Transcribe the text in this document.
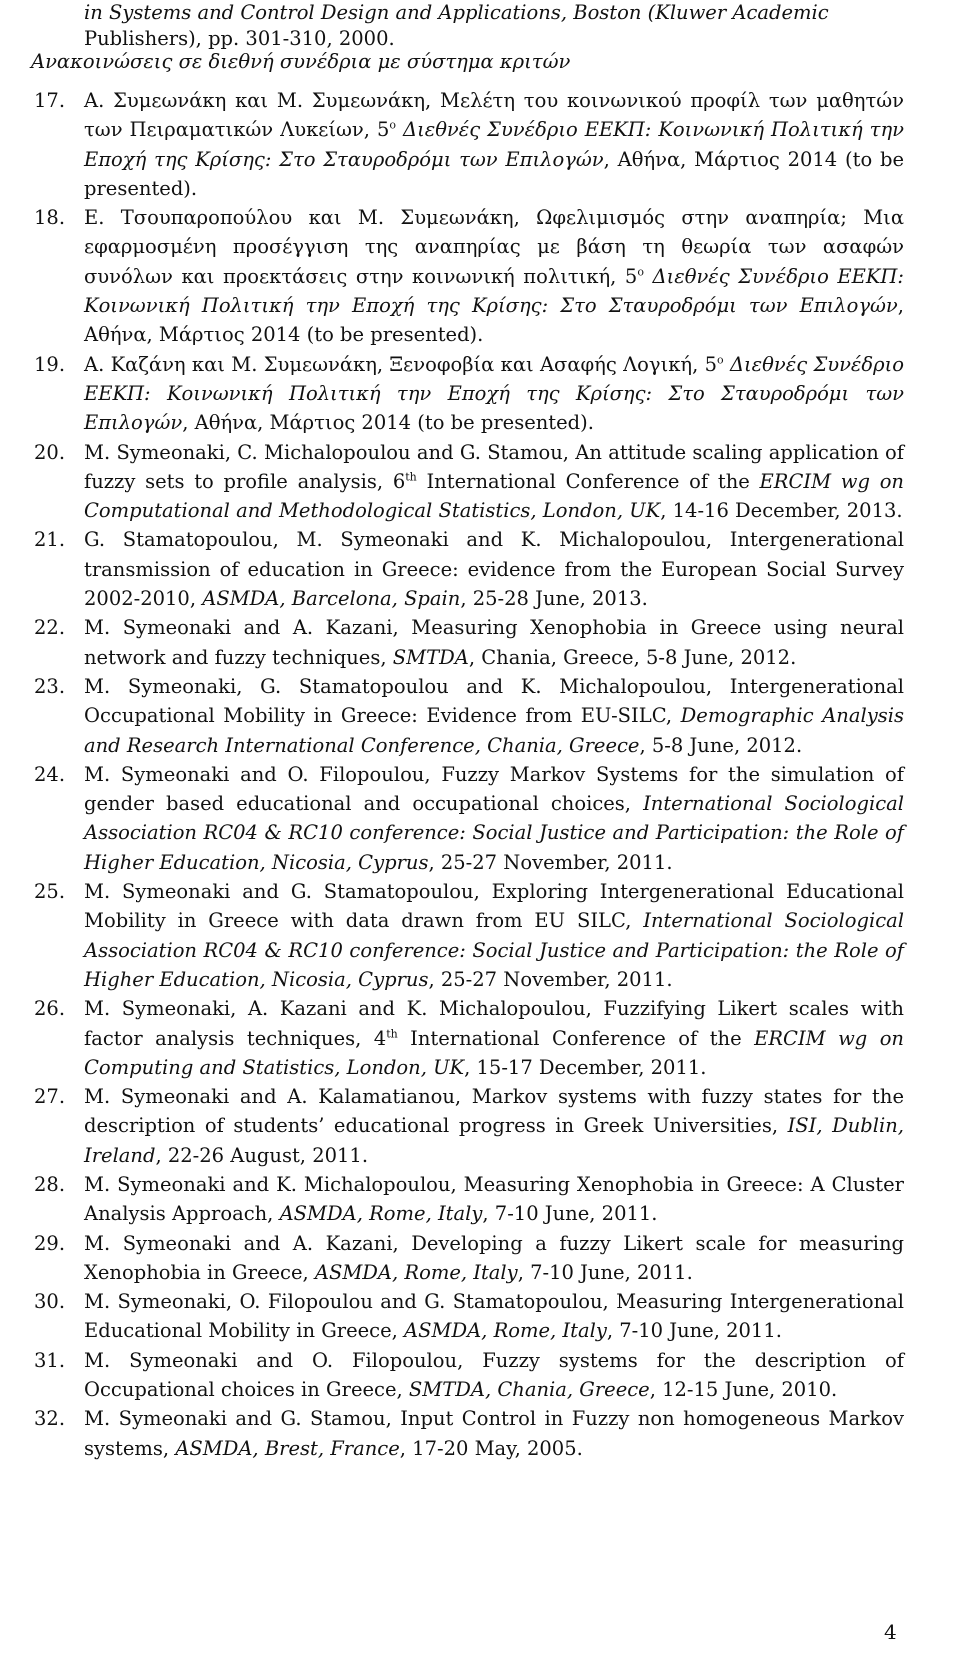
in Systems and Control Design and Applications, Boston (Kluwer Academic
Publishers), pp. 301-310, 2000.
Ανακοινώσεις σε διεθνή συνέδρια με σύστημα κριτών
17. A. Συμεωνάκη και Μ. Συμεωνάκη, Μελέτη του κοινωνικού προφίλ των μαθητών των Πειραματικών Λυκείων, $5^o$ Διεθνές Συνέδριο ΕΕΚΠ: Κοινωνική Πολιτική την Εποχή της Κρίσης: Στο Σταυροδρόμι των Επιλογών, Αθήνα, Μάρτιος 2014 (to be presented).
18. Ε. Τσουπαροπούλου και Μ. Συμεωνάκη, Ωφελιμισμός στην αναπηρία; Μια εφαρμοσμένη προσέγγιση της αναπηρίας με βάση τη θεωρία των ασαφών συνόλων και προεκτάσεις στην κοινωνική πολιτική, $5^o$ Διεθνές Συνέδριο ΕΕΚΠ: Κοινωνική Πολιτική την Εποχή της Κρίσης: Στο Σταυροδρόμι των Επιλογών, Αθήνα, Μάρτιος 2014 (to be presented).
19. Α. Καζάνη και Μ. Συμεωνάκη, Ξενοφοβία και Ασαφής Λογική, $5^o$ Διεθνές Συνέδριο ΕΕΚΠ: Κοινωνική Πολιτική την Εποχή της Κρίσης: Στο Σταυροδρόμι των Επιλογών, Αθήνα, Μάρτιος 2014 (to be presented).
20. M. Symeonaki, C. Michalopoulou and G. Stamou, An attitude scaling application of fuzzy sets to profile analysis, 6th International Conference of the ERCIM wg on Computational and Methodological Statistics, London, UK, 14-16 December, 2013.
21. G. Stamatopoulou, M. Symeonaki and K. Michalopoulou, Intergenerational transmission of education in Greece: evidence from the European Social Survey 2002-2010, ASMDA, Barcelona, Spain, 25-28 June, 2013.
22. M. Symeonaki and A. Kazani, Measuring Xenophobia in Greece using neural network and fuzzy techniques, SMTDA, Chania, Greece, 5-8 June, 2012.
23. M. Symeonaki, G. Stamatopoulou and K. Michalopoulou, Intergenerational Occupational Mobility in Greece: Evidence from EU-SILC, Demographic Analysis and Research International Conference, Chania, Greece, 5-8 June, 2012.
24. M. Symeonaki and O. Filopoulou, Fuzzy Markov Systems for the simulation of gender based educational and occupational choices, International Sociological Association RC04 & RC10 conference: Social Justice and Participation: the Role of Higher Education, Nicosia, Cyprus, 25-27 November, 2011.
25. M. Symeonaki and G. Stamatopoulou, Exploring Intergenerational Educational Mobility in Greece with data drawn from EU SILC, International Sociological Association RC04 & RC10 conference: Social Justice and Participation: the Role of Higher Education, Nicosia, Cyprus, 25-27 November, 2011.
26. M. Symeonaki, A. Kazani and K. Michalopoulou, Fuzzifying Likert scales with factor analysis techniques, 4th International Conference of the ERCIM wg on Computing and Statistics, London, UK, 15-17 December, 2011.
27. M. Symeonaki and A. Kalamatianou, Markov systems with fuzzy states for the description of students’ educational progress in Greek Universities, ISI, Dublin, Ireland, 22-26 August, 2011.
28. M. Symeonaki and K. Michalopoulou, Measuring Xenophobia in Greece: A Cluster Analysis Approach, ASMDA, Rome, Italy, 7-10 June, 2011.
29. M. Symeonaki and A. Kazani, Developing a fuzzy Likert scale for measuring Xenophobia in Greece, ASMDA, Rome, Italy, 7-10 June, 2011.
30. M. Symeonaki, O. Filopoulou and G. Stamatopoulou, Measuring Intergenerational Educational Mobility in Greece, ASMDA, Rome, Italy, 7-10 June, 2011.
31. M. Symeonaki and O. Filopoulou, Fuzzy systems for the description of Occupational choices in Greece, SMTDA, Chania, Greece, 12-15 June, 2010.
32. M. Symeonaki and G. Stamou, Input Control in Fuzzy non homogeneous Markov systems, ASMDA, Brest, France, 17-20 May, 2005.
4
